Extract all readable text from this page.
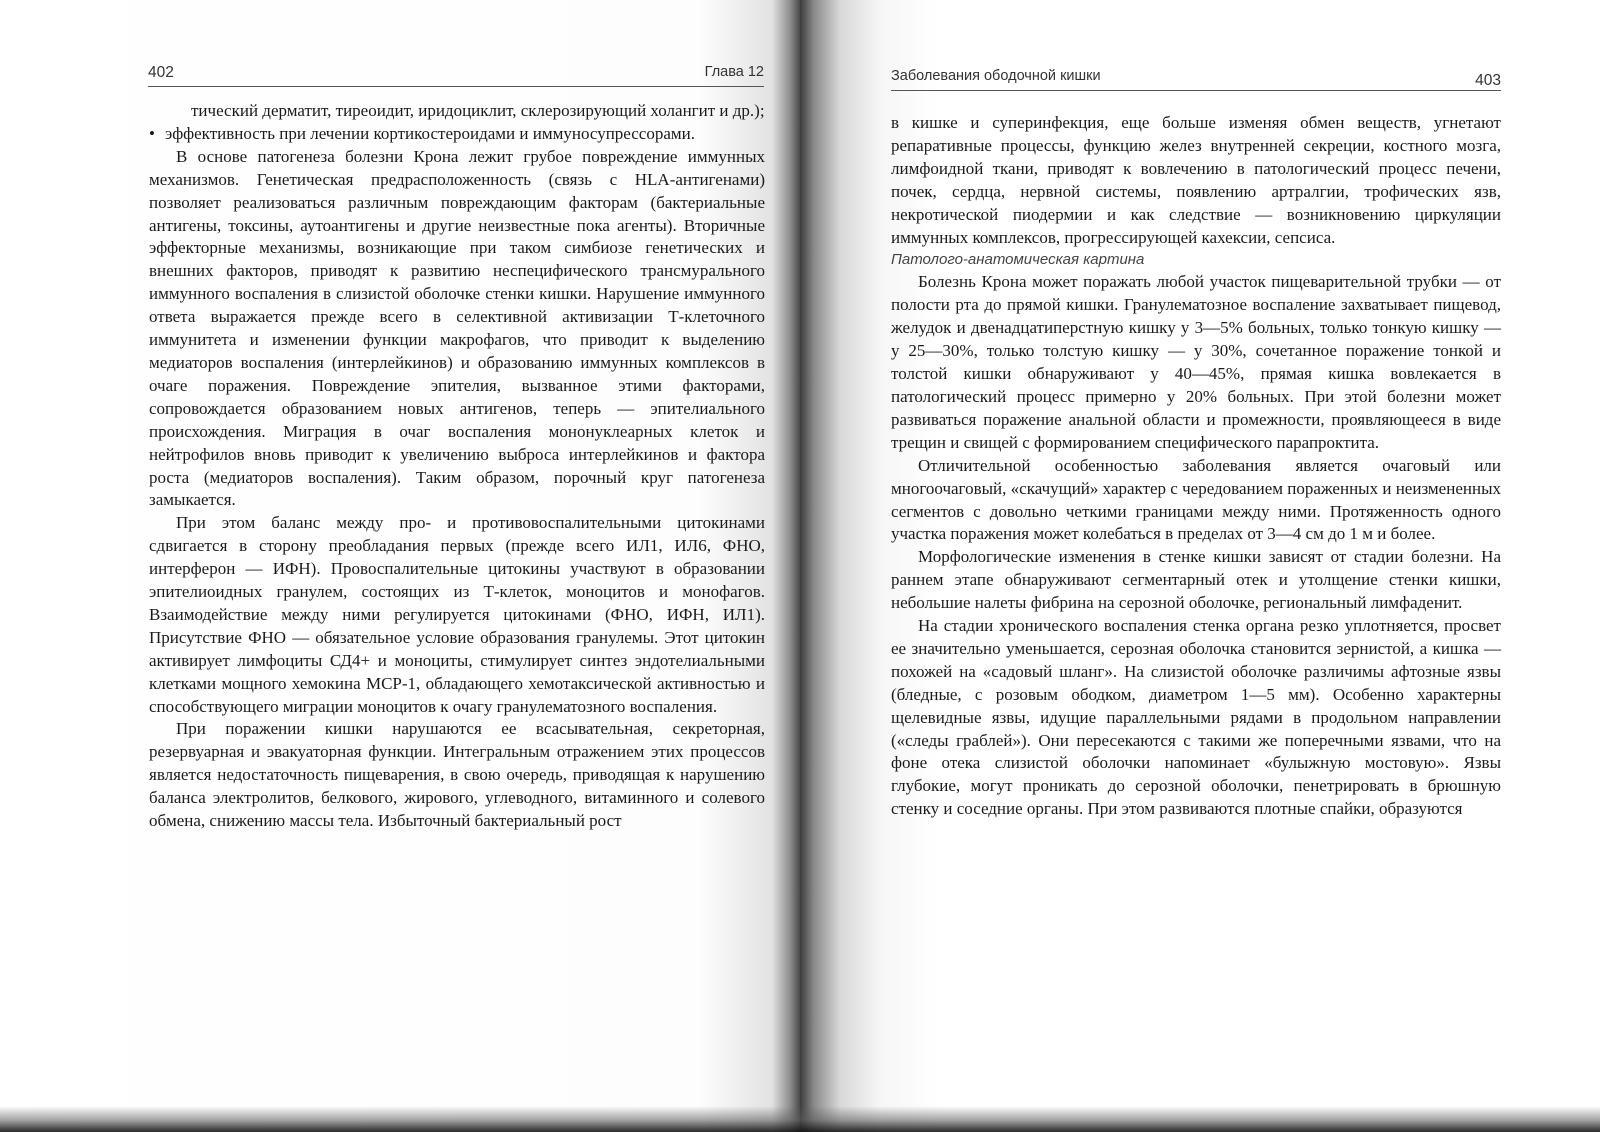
402	Глава 12

тический дерматит, тиреоидит, иридоциклит, склерозирующий холангит и др.);

• эффективность при лечении кортикостероидами и иммуносупрессорами.

В основе патогенеза болезни Крона лежит грубое повреждение иммунных механизмов. Генетическая предрасположенность (связь с HLA-антигенами) позволяет реализоваться различным повреждающим факторам (бактериальные антигены, токсины, аутоантигены и другие неизвестные пока агенты). Вторичные эффекторные механизмы, возникающие при таком симбиозе генетических и внешних факторов, приводят к развитию неспецифического трансмурального иммунного воспаления в слизистой оболочке стенки кишки. Нарушение иммунного ответа выражается прежде всего в селективной активизации Т-клеточного иммунитета и изменении функции макрофагов, что приводит к выделению медиаторов воспаления (интерлейкинов) и образованию иммунных комплексов в очаге поражения. Повреждение эпителия, вызванное этими факторами, сопровождается образованием новых антигенов, теперь — эпителиального происхождения. Миграция в очаг воспаления мононуклеарных клеток и нейтрофилов вновь приводит к увеличению выброса интерлейкинов и фактора роста (медиаторов воспаления). Таким образом, порочный круг патогенеза замыкается.

При этом баланс между про- и противовоспалительными цитокинами сдвигается в сторону преобладания первых (прежде всего ИЛ1, ИЛ6, ФНО, интерферон — ИФН). Провоспалительные цитокины участвуют в образовании эпителиоидных гранулем, состоящих из Т-клеток, моноцитов и монофагов. Взаимодействие между ними регулируется цитокинами (ФНО, ИФН, ИЛ1). Присутствие ФНО — обязательное условие образования гранулемы. Этот цитокин активирует лимфоциты СД4+ и моноциты, стимулирует синтез эндотелиальными клетками мощного хемокина МСР-1, обладающего хемотаксической активностью и способствующего миграции моноцитов к очагу гранулематозного воспаления.

При поражении кишки нарушаются ее всасывательная, секреторная, резервуарная и эвакуаторная функции. Интегральным отражением этих процессов является недостаточность пищеварения, в свою очередь, приводящая к нарушению баланса электролитов, белкового, жирового, углеводного, витаминного и солевого обмена, снижению массы тела. Избыточный бактериальный рост

Заболевания ободочной кишки	403

в кишке и суперинфекция, еще больше изменяя обмен веществ, угнетают репаративные процессы, функцию желез внутренней секреции, костного мозга, лимфоидной ткани, приводят к вовлечению в патологический процесс печени, почек, сердца, нервной системы, появлению артралгии, трофических язв, некротической пиодермии и как следствие — возникновению циркуляции иммунных комплексов, прогрессирующей кахексии, сепсиса.

Патолого-анатомическая картина

Болезнь Крона может поражать любой участок пищеварительной трубки — от полости рта до прямой кишки. Гранулематозное воспаление захватывает пищевод, желудок и двенадцатиперстную кишку у 3—5% больных, только тонкую кишку — у 25—30%, только толстую кишку — у 30%, сочетанное поражение тонкой и толстой кишки обнаруживают у 40—45%, прямая кишка вовлекается в патологический процесс примерно у 20% больных. При этой болезни может развиваться поражение анальной области и промежности, проявляющееся в виде трещин и свищей с формированием специфического парапроктита.

Отличительной особенностью заболевания является очаговый или многоочаговый, «скачущий» характер с чередованием пораженных и неизмененных сегментов с довольно четкими границами между ними. Протяженность одного участка поражения может колебаться в пределах от 3—4 см до 1 м и более.

Морфологические изменения в стенке кишки зависят от стадии болезни. На раннем этапе обнаруживают сегментарный отек и утолщение стенки кишки, небольшие налеты фибрина на серозной оболочке, региональный лимфаденит.

На стадии хронического воспаления стенка органа резко уплотняется, просвет ее значительно уменьшается, серозная оболочка становится зернистой, а кишка — похожей на «садовый шланг». На слизистой оболочке различимы афтозные язвы (бледные, с розовым ободком, диаметром 1—5 мм). Особенно характерны щелевидные язвы, идущие параллельными рядами в продольном направлении («следы граблей»). Они пересекаются с такими же поперечными язвами, что на фоне отека слизистой оболочки напоминает «булыжную мостовую». Язвы глубокие, могут проникать до серозной оболочки, пенетрировать в брюшную стенку и соседние органы. При этом развиваются плотные спайки, образуются
